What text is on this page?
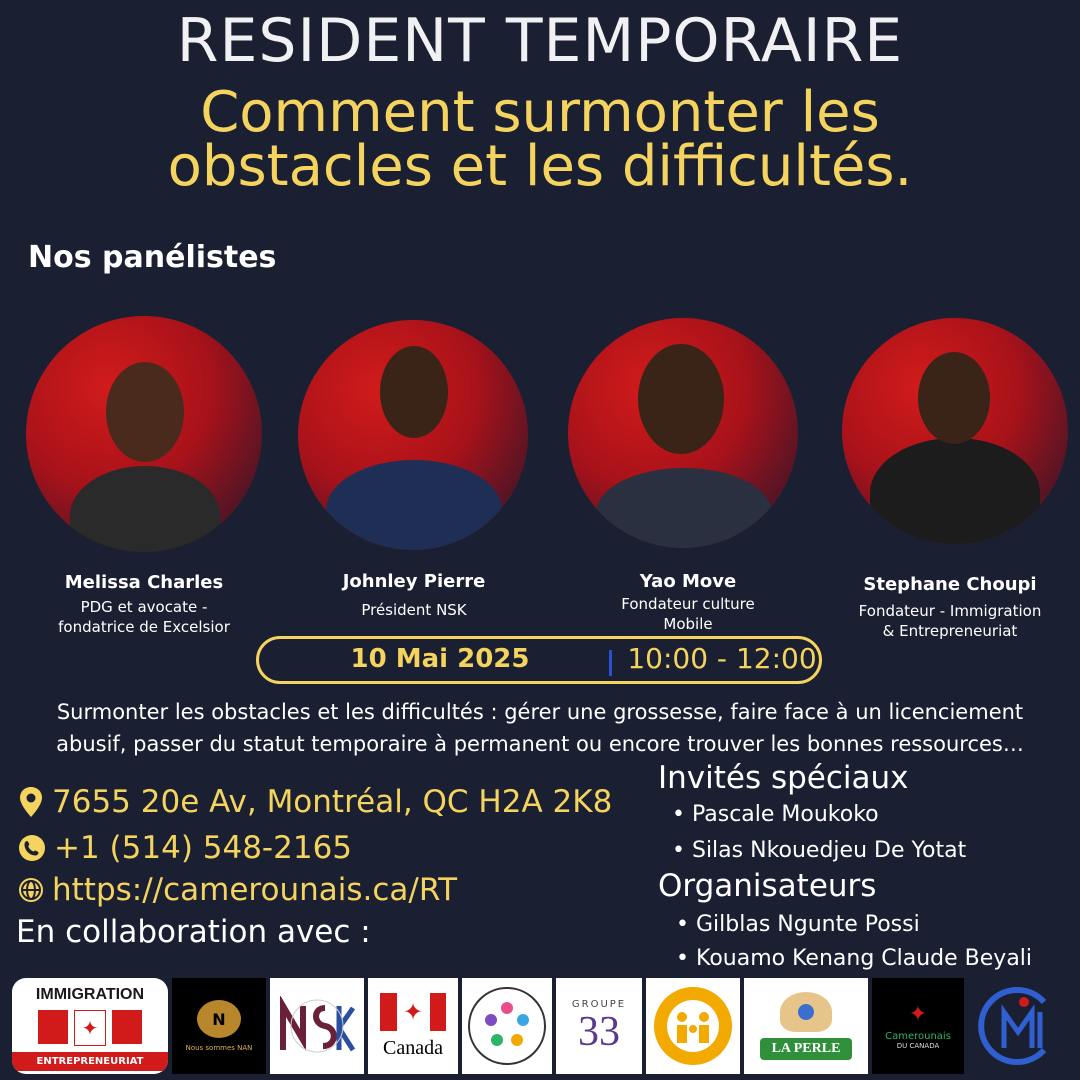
RESIDENT TEMPORAIRE
Comment surmonter les
obstacles et les difficultés.
Nos panélistes
Melissa Charles
PDG et avocate -
fondatrice de Excelsior
Johnley Pierre
Président NSK
Yao Move
Fondateur culture
Mobile
Stephane Choupi
Fondateur - Immigration
& Entrepreneuriat
10 Mai 2025	10:00 - 12:00
Surmonter les obstacles et les difficultés : gérer une grossesse, faire face à un licenciement
abusif, passer du statut temporaire à permanent ou encore trouver les bonnes ressources…
7655 20e Av, Montréal, QC H2A 2K8
+1 (514) 548-2165
https://camerounais.ca/RT
En collaboration avec :
Invités spéciaux
• Pascale Moukoko
• Silas Nkouedjeu De Yotat
Organisateurs
• Gilblas Ngunte Possi
• Kouamo Kenang Claude Beyali
IMMIGRATION
✦
ENTREPRENEURIAT
N
Nous sommes NAN
✦
Canada
GROUPE
33	LA PERLE
✦
Camerounais
DU CANADA
